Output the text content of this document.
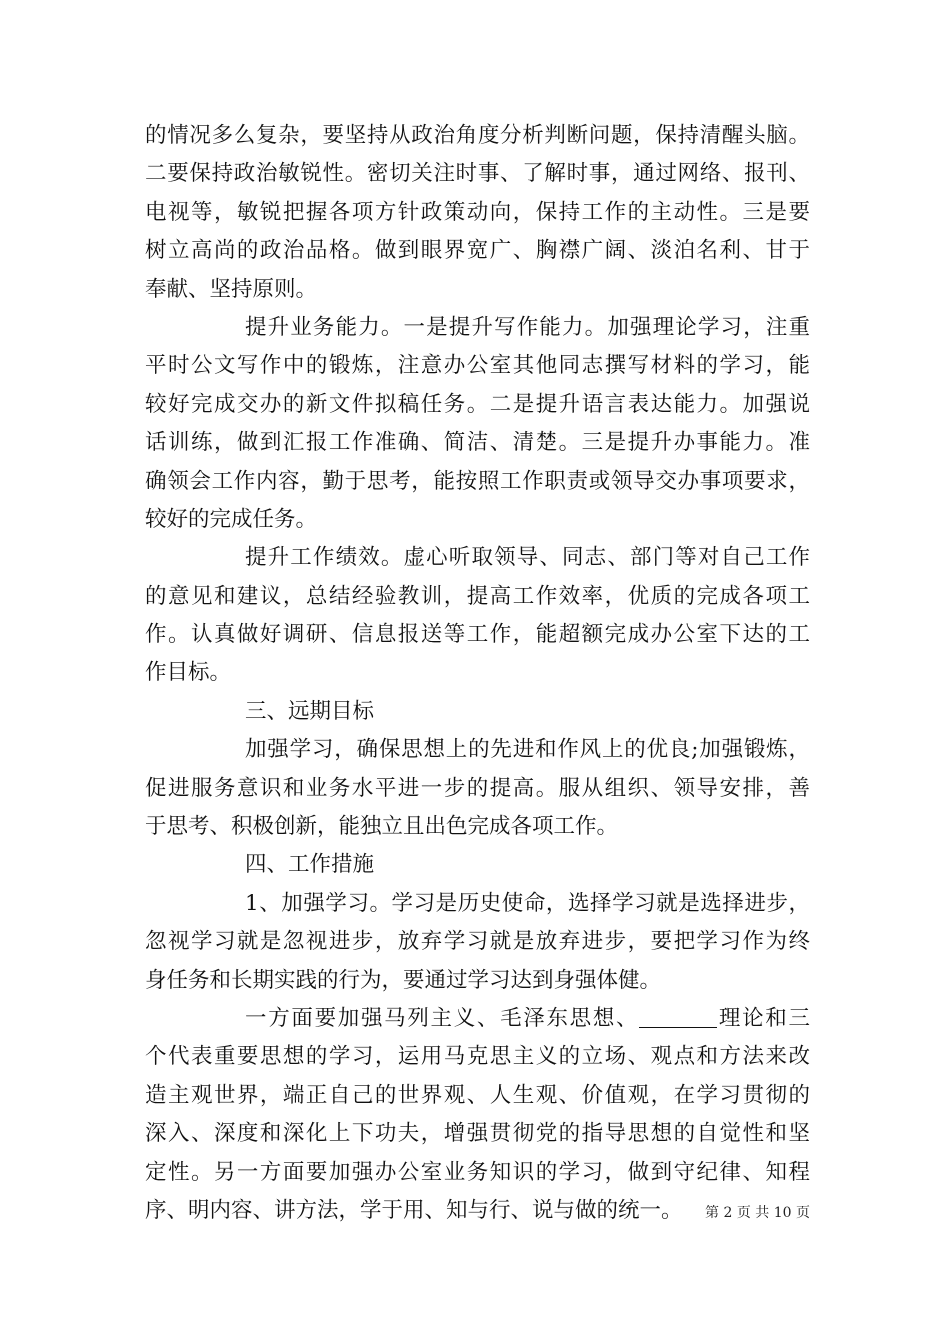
的情况多么复杂，要坚持从政治角度分析判断问题，保持清醒头脑。
二要保持政治敏锐性。密切关注时事、了解时事，通过网络、报刊、
电视等，敏锐把握各项方针政策动向，保持工作的主动性。三是要
树立高尚的政治品格。做到眼界宽广、胸襟广阔、淡泊名利、甘于
奉献、坚持原则。
提升业务能力。一是提升写作能力。加强理论学习，注重
平时公文写作中的锻炼，注意办公室其他同志撰写材料的学习，能
较好完成交办的新文件拟稿任务。二是提升语言表达能力。加强说
话训练，做到汇报工作准确、简洁、清楚。三是提升办事能力。准
确领会工作内容，勤于思考，能按照工作职责或领导交办事项要求，
较好的完成任务。
提升工作绩效。虚心听取领导、同志、部门等对自己工作
的意见和建议，总结经验教训，提高工作效率，优质的完成各项工
作。认真做好调研、信息报送等工作，能超额完成办公室下达的工
作目标。
三、远期目标
加强学习，确保思想上的先进和作风上的优良;加强锻炼，
促进服务意识和业务水平进一步的提高。服从组织、领导安排，善
于思考、积极创新，能独立且出色完成各项工作。
四、工作措施
1、加强学习。学习是历史使命，选择学习就是选择进步，
忽视学习就是忽视进步，放弃学习就是放弃进步，要把学习作为终
身任务和长期实践的行为，要通过学习达到身强体健。
一方面要加强马列主义、毛泽东思想、	理论和三
个代表重要思想的学习，运用马克思主义的立场、观点和方法来改
造主观世界，端正自己的世界观、人生观、价值观，在学习贯彻的
深入、深度和深化上下功夫，增强贯彻党的指导思想的自觉性和坚
定性。另一方面要加强办公室业务知识的学习，做到守纪律、知程
序、明内容、讲方法，学于用、知与行、说与做的统一。	第 2 页 共 10 页
